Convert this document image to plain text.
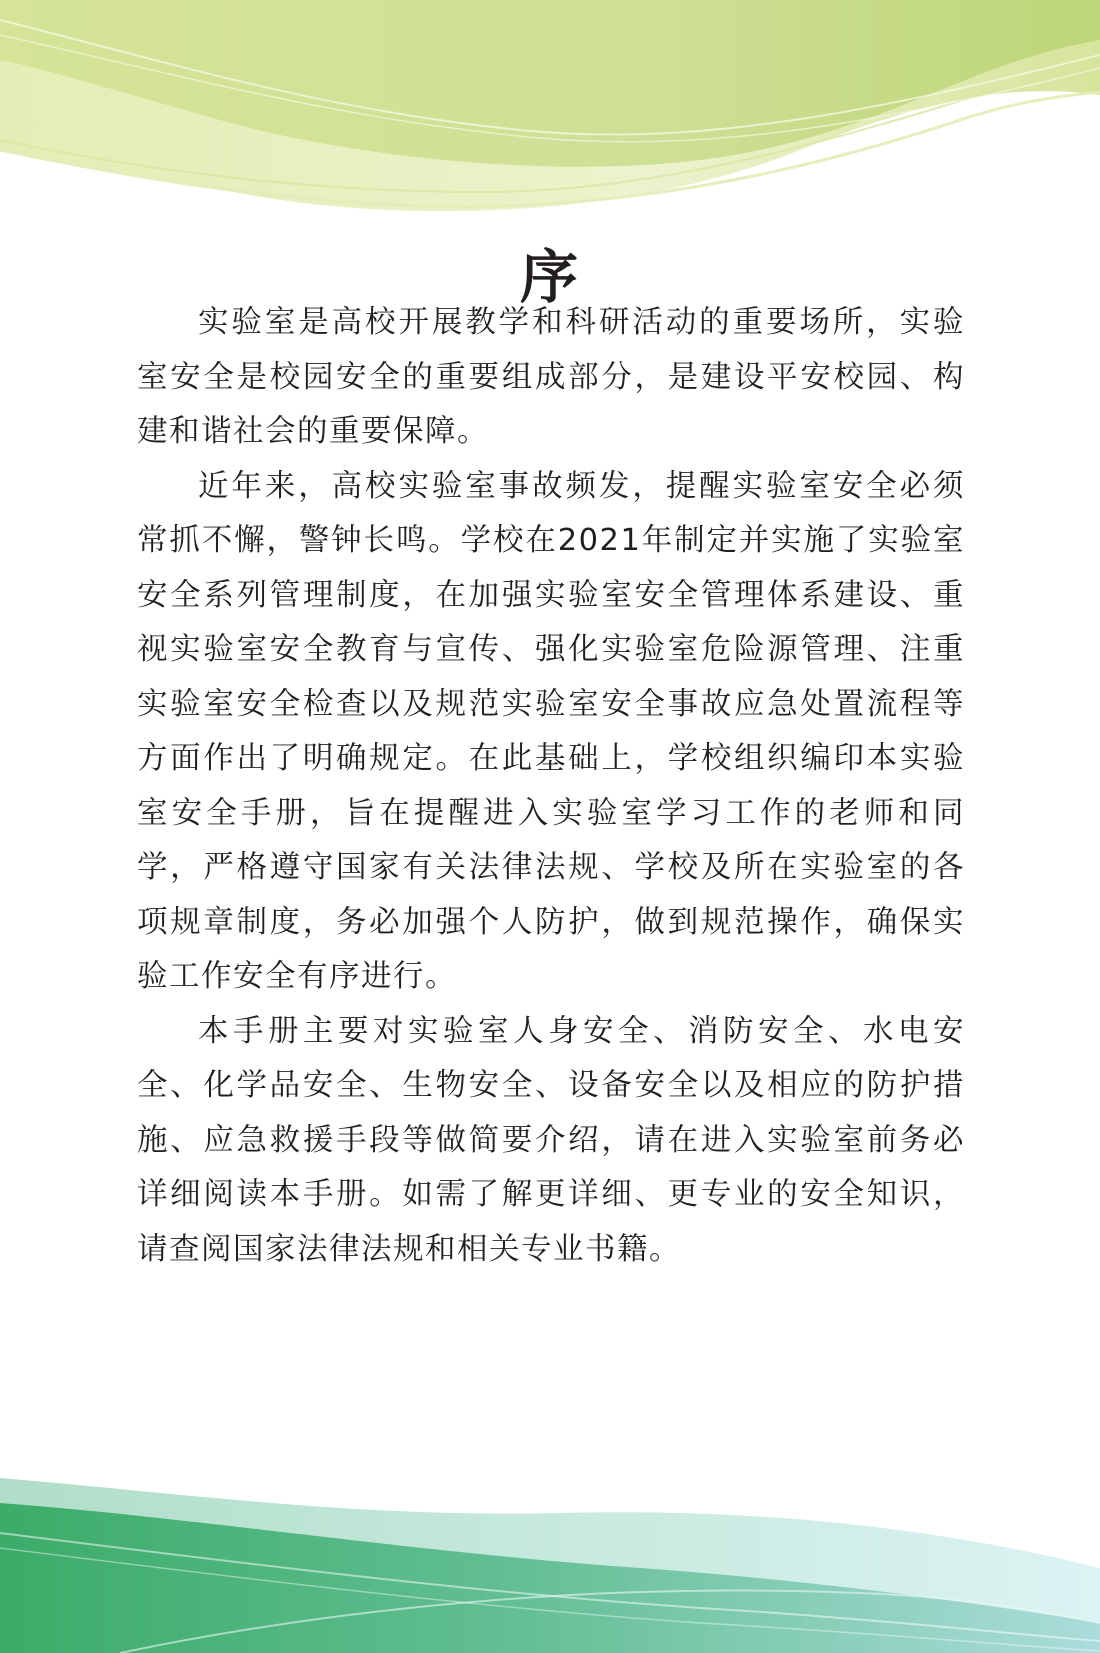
序

实验室是高校开展教学和科研活动的重要场所，实验室安全是校园安全的重要组成部分，是建设平安校园、构建和谐社会的重要保障。

近年来，高校实验室事故频发，提醒实验室安全必须常抓不懈，警钟长鸣。学校在2021年制定并实施了实验室安全系列管理制度，在加强实验室安全管理体系建设、重视实验室安全教育与宣传、强化实验室危险源管理、注重实验室安全检查以及规范实验室安全事故应急处置流程等方面作出了明确规定。在此基础上，学校组织编印本实验室安全手册，旨在提醒进入实验室学习工作的老师和同学，严格遵守国家有关法律法规、学校及所在实验室的各项规章制度，务必加强个人防护，做到规范操作，确保实验工作安全有序进行。

本手册主要对实验室人身安全、消防安全、水电安全、化学品安全、生物安全、设备安全以及相应的防护措施、应急救援手段等做简要介绍，请在进入实验室前务必详细阅读本手册。如需了解更详细、更专业的安全知识，请查阅国家法律法规和相关专业书籍。
